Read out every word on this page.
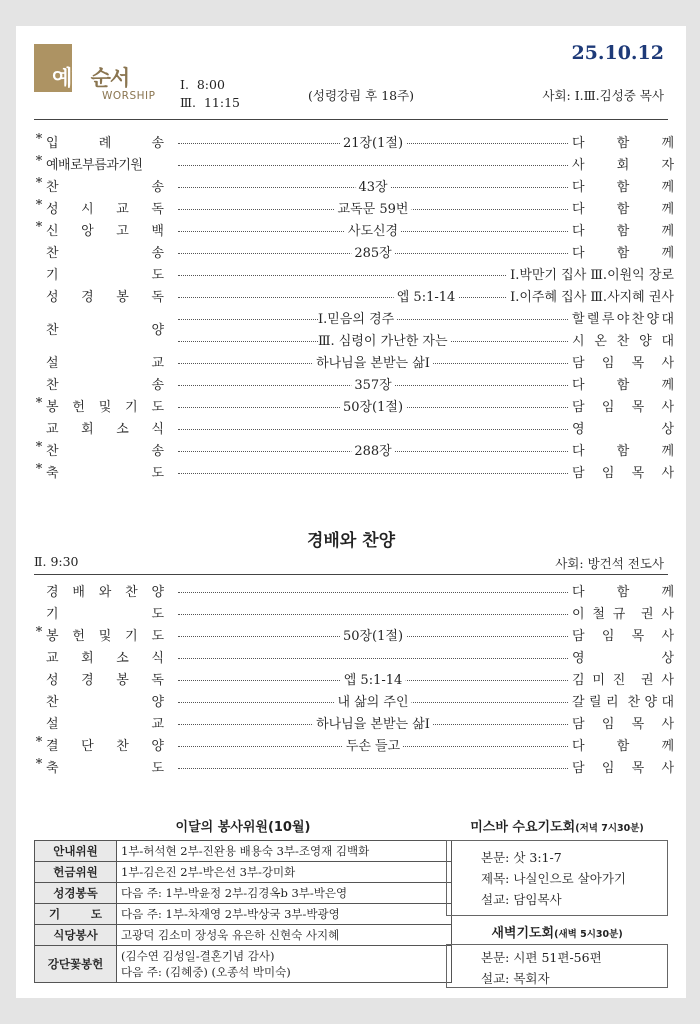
25.10.12
예배순서
WORSHIP
Ⅰ.  8:00
Ⅲ.  11:15	(성령강림 후 18주)	사회: Ⅰ.Ⅲ.김성중 목사
* 입	례	송	21장(1절)	다 함 께
* 예배로부름과기원	사 회 자
* 찬	송	43장	다 함 께
* 성 시 교 독	교독문 59번	다 함 께
* 신 앙 고 백	사도신경	다 함 께
찬	송	285장	다 함 께
기	도	Ⅰ.박만기 집사 Ⅲ.이원익 장로
성 경 봉 독	엡 5:1-14	Ⅰ.이주혜 집사 Ⅲ.사지혜 권사
찬	양
Ⅰ.믿음의 경주	할 렐 루 야 찬 양 대
Ⅲ. 심령이 가난한 자는	시 온 찬 양 대
설	교	하나님을 본받는 삶Ⅰ	담 임 목 사
찬	송	357장	다 함 께
* 봉 헌 및 기 도	50장(1절)	담 임 목 사
교 회 소 식	영	상
* 찬	송	288장	다 함 께
* 축	도	담 임 목 사
경배와 찬양
Ⅱ. 9:30	사회: 방건석 전도사
경 배 와 찬 양	다 함 께
기	도	이 철 규 권 사
* 봉 헌 및 기 도	50장(1절)	담 임 목 사
교 회 소 식	영	상
성 경 봉 독	엡 5:1-14	김 미 진 권 사
찬	양	내 삶의 주인	갈 릴 리 찬 양 대
설	교	하나님을 본받는 삶Ⅰ	담 임 목 사
* 결 단 찬 양	두손 들고	다 함 께
* 축	도	담 임 목 사
이달의 봉사위원(10월)
안내위원	1부-허석현 2부-진완용 배용숙 3부-조영재 김백화

헌금위원	1부-김은진 2부-박은선 3부-강미화

성경봉독	다음 주: 1부-박윤정 2부-김경옥b 3부-박은영

기 도	다음 주: 1부-차재영 2부-박상국 3부-박광영

식당봉사	고광덕 김소미 장성욱 유은하 신현숙 사지혜

강단꽃봉헌	(김수연 김성일-결혼기념 감사)
다음 주: (김혜중) (오종석 박미숙)
미스바 수요기도회(저녁 7시30분)
본문: 삿 3:1-7
제목: 나실인으로 살아가기
설교: 담임목사
새벽기도회(새벽 5시30분)
본문: 시편 51편-56편
설교: 목회자
